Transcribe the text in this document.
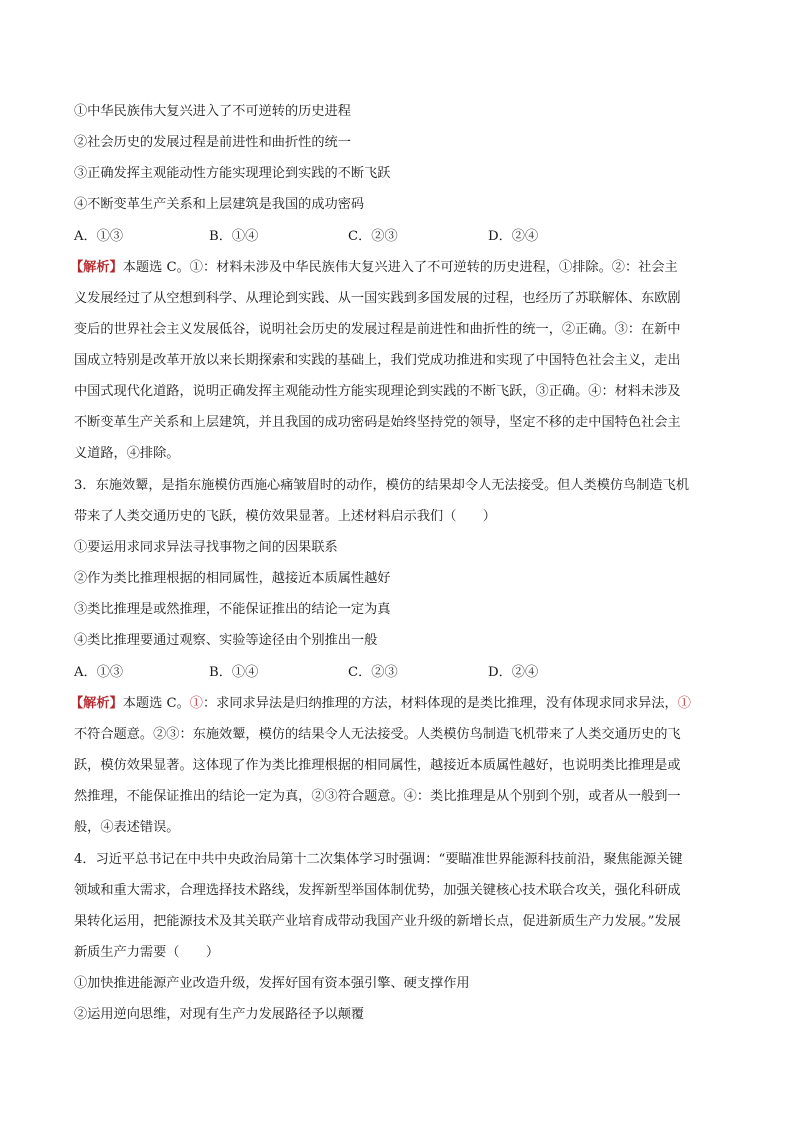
①中华民族伟大复兴进入了不可逆转的历史进程
②社会历史的发展过程是前进性和曲折性的统一
③正确发挥主观能动性方能实现理论到实践的不断飞跃
④不断变革生产关系和上层建筑是我国的成功密码
A．①③	B．①④	C．②③	D．②④
【解析】本题选 C。①：材料未涉及中华民族伟大复兴进入了不可逆转的历史进程，①排除。②：社会主
义发展经过了从空想到科学、从理论到实践、从一国实践到多国发展的过程，也经历了苏联解体、东欧剧
变后的世界社会主义发展低谷，说明社会历史的发展过程是前进性和曲折性的统一，②正确。③：在新中
国成立特别是改革开放以来长期探索和实践的基础上，我们党成功推进和实现了中国特色社会主义，走出
中国式现代化道路，说明正确发挥主观能动性方能实现理论到实践的不断飞跃，③正确。④：材料未涉及
不断变革生产关系和上层建筑，并且我国的成功密码是始终坚持党的领导，坚定不移的走中国特色社会主
义道路，④排除。
3．东施效颦，是指东施模仿西施心痛皱眉时的动作，模仿的结果却令人无法接受。但人类模仿鸟制造飞机
带来了人类交通历史的飞跃，模仿效果显著。上述材料启示我们（　　）
①要运用求同求异法寻找事物之间的因果联系
②作为类比推理根据的相同属性，越接近本质属性越好
③类比推理是或然推理，不能保证推出的结论一定为真
④类比推理要通过观察、实验等途径由个别推出一般
A．①③	B．①④	C．②③	D．②④
【解析】本题选 C。①：求同求异法是归纳推理的方法，材料体现的是类比推理，没有体现求同求异法，①
不符合题意。②③：东施效颦，模仿的结果令人无法接受。人类模仿鸟制造飞机带来了人类交通历史的飞
跃，模仿效果显著。这体现了作为类比推理根据的相同属性，越接近本质属性越好，也说明类比推理是或
然推理，不能保证推出的结论一定为真，②③符合题意。④：类比推理是从个别到个别，或者从一般到一
般，④表述错误。
4．习近平总书记在中共中央政治局第十二次集体学习时强调：“要瞄准世界能源科技前沿，聚焦能源关键
领域和重大需求，合理选择技术路线，发挥新型举国体制优势，加强关键核心技术联合攻关，强化科研成
果转化运用，把能源技术及其关联产业培育成带动我国产业升级的新增长点，促进新质生产力发展。”发展
新质生产力需要（　　）
①加快推进能源产业改造升级，发挥好国有资本强引擎、硬支撑作用
②运用逆向思维，对现有生产力发展路径予以颠覆
